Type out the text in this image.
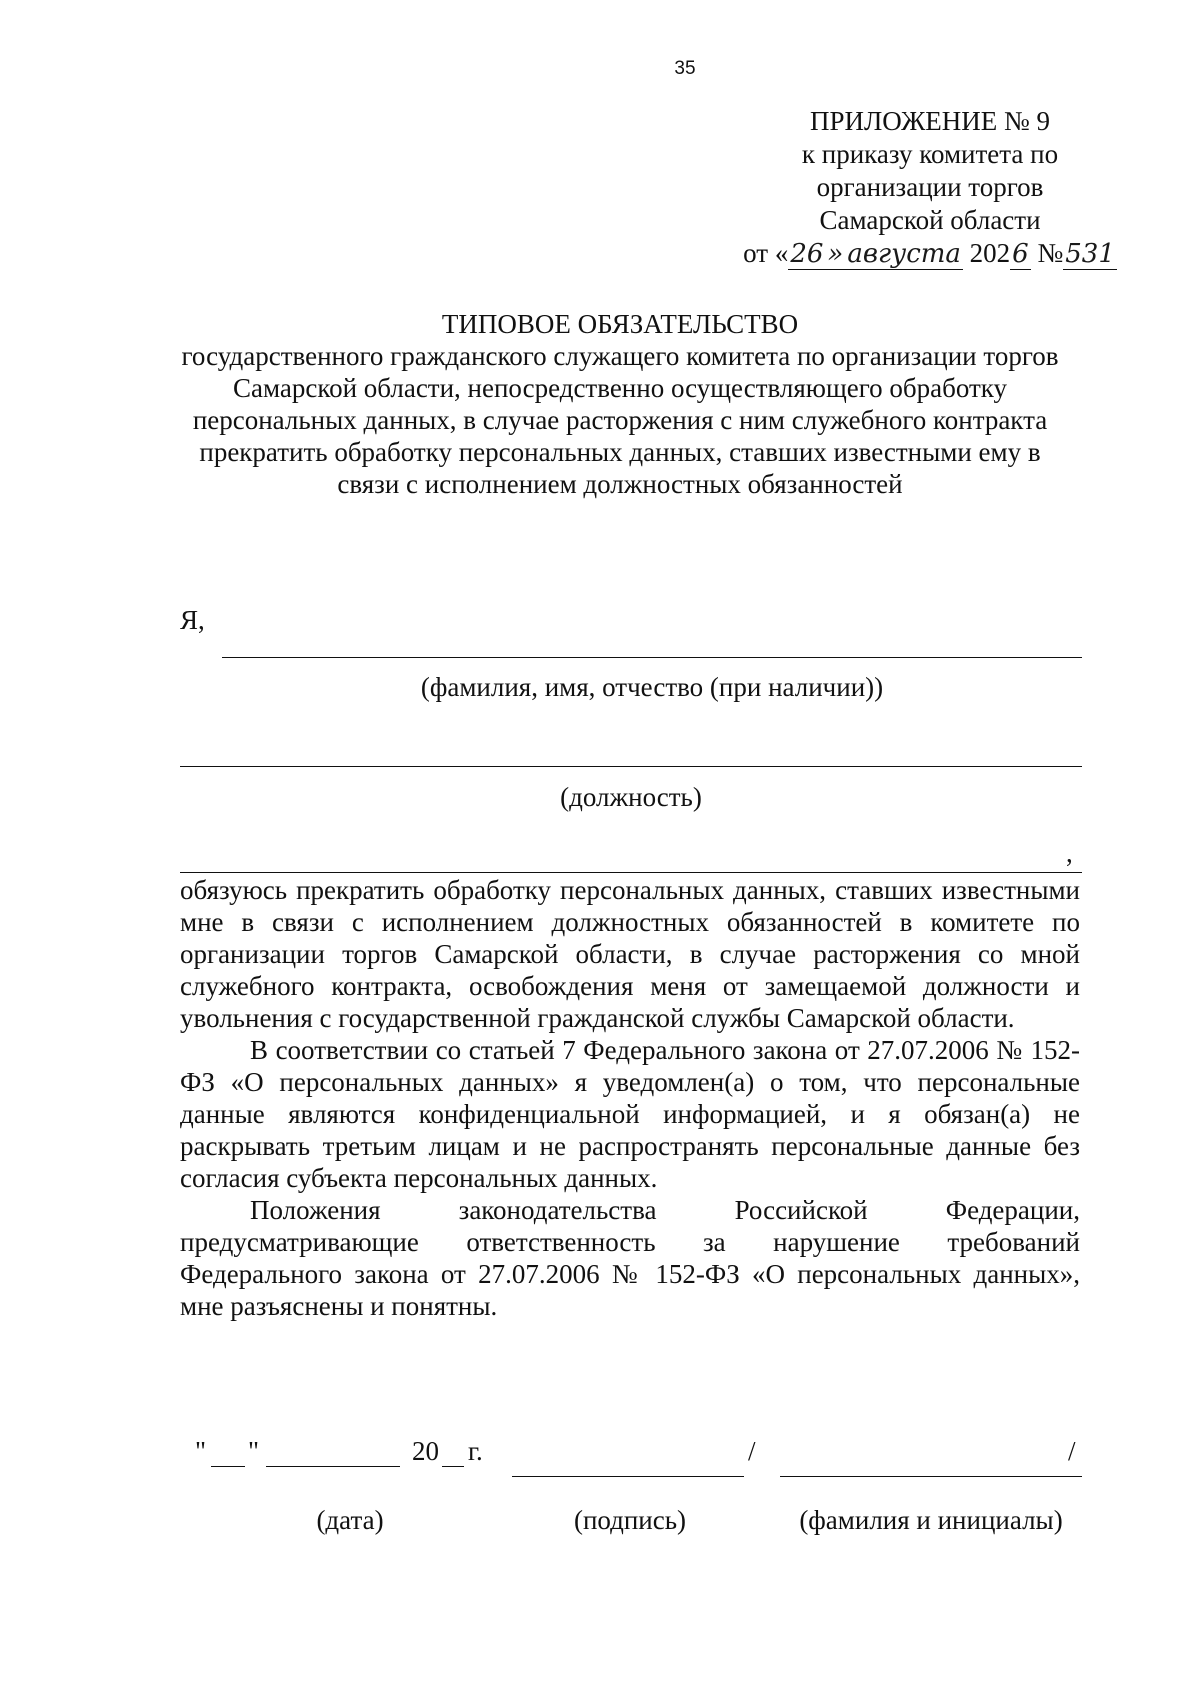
35
ПРИЛОЖЕНИЕ № 9
к приказу комитета по
организации торгов
Самарской области
от «26 » августа 2026 №531
ТИПОВОЕ ОБЯЗАТЕЛЬСТВО
государственного гражданского служащего комитета по организации торгов Самарской области, непосредственно осуществляющего обработку персональных данных, в случае расторжения с ним служебного контракта прекратить обработку персональных данных, ставших известными ему в связи с исполнением должностных обязанностей
Я,
(фамилия, имя, отчество (при наличии))
(должность)
,

обязуюсь прекратить обработку персональных данных, ставших известными мне в связи с исполнением должностных обязанностей в комитете по организации торгов Самарской области, в случае расторжения со мной служебного контракта, освобождения меня от замещаемой должности и увольнения с государственной гражданской службы Самарской области.

В соответствии со статьей 7 Федерального закона от 27.07.2006 № 152-ФЗ «О персональных данных» я уведомлен(а) о том, что персональные данные являются конфиденциальной информацией, и я обязан(а) не раскрывать третьим лицам и не распространять персональные данные без согласия субъекта персональных данных.

Положения законодательства Российской Федерации, предусматривающие ответственность за нарушение требований Федерального закона от 27.07.2006 № 152-ФЗ «О персональных данных», мне разъяснены и понятны.

" "	20 г.	/	/
(дата)	(подпись)	(фамилия и инициалы)
